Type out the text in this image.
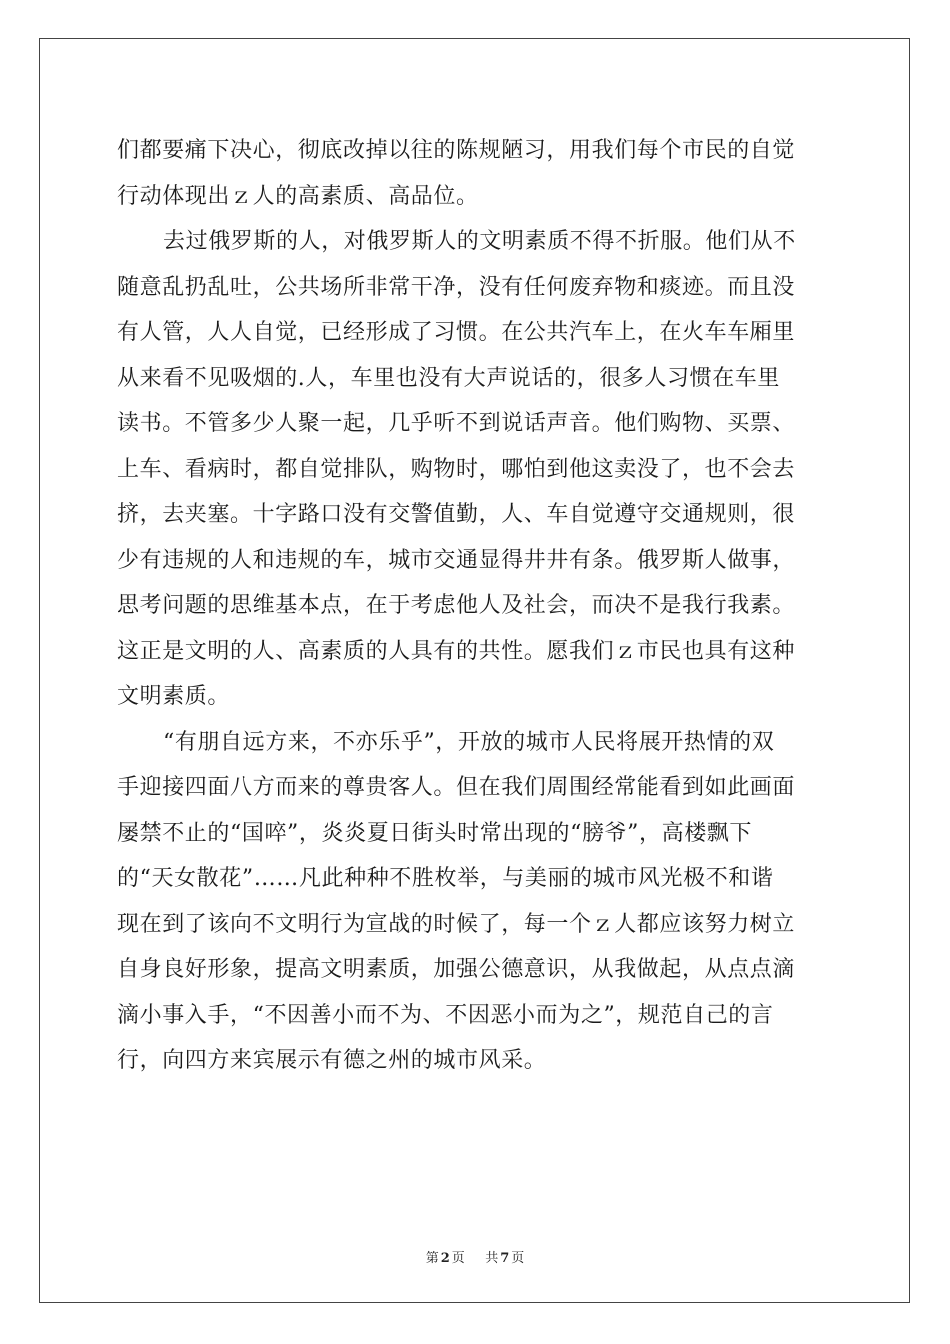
们都要痛下决心，彻底改掉以往的陈规陋习，用我们每个市民的自觉
行动体现出ｚ人的高素质、高品位。
去过俄罗斯的人，对俄罗斯人的文明素质不得不折服。他们从不
随意乱扔乱吐，公共场所非常干净，没有任何废弃物和痰迹。而且没
有人管，人人自觉，已经形成了习惯。在公共汽车上，在火车车厢里
从来看不见吸烟的.人，车里也没有大声说话的，很多人习惯在车里
读书。不管多少人聚一起，几乎听不到说话声音。他们购物、买票、
上车、看病时，都自觉排队，购物时，哪怕到他这卖没了，也不会去
挤，去夹塞。十字路口没有交警值勤，人、车自觉遵守交通规则，很
少有违规的人和违规的车，城市交通显得井井有条。俄罗斯人做事，
思考问题的思维基本点，在于考虑他人及社会，而决不是我行我素。
这正是文明的人、高素质的人具有的共性。愿我们ｚ市民也具有这种
文明素质。
“有朋自远方来，不亦乐乎”，开放的城市人民将展开热情的双
手迎接四面八方而来的尊贵客人。但在我们周围经常能看到如此画面
屡禁不止的“国啐”，炎炎夏日街头时常出现的“膀爷”，高楼飘下
的“天女散花”……凡此种种不胜枚举，与美丽的城市风光极不和谐
现在到了该向不文明行为宣战的时候了，每一个ｚ人都应该努力树立
自身良好形象，提高文明素质，加强公德意识，从我做起，从点点滴
滴小事入手，“不因善小而不为、不因恶小而为之”，规范自己的言
行，向四方来宾展示有德之州的城市风采。
第 2 页 共 7 页
